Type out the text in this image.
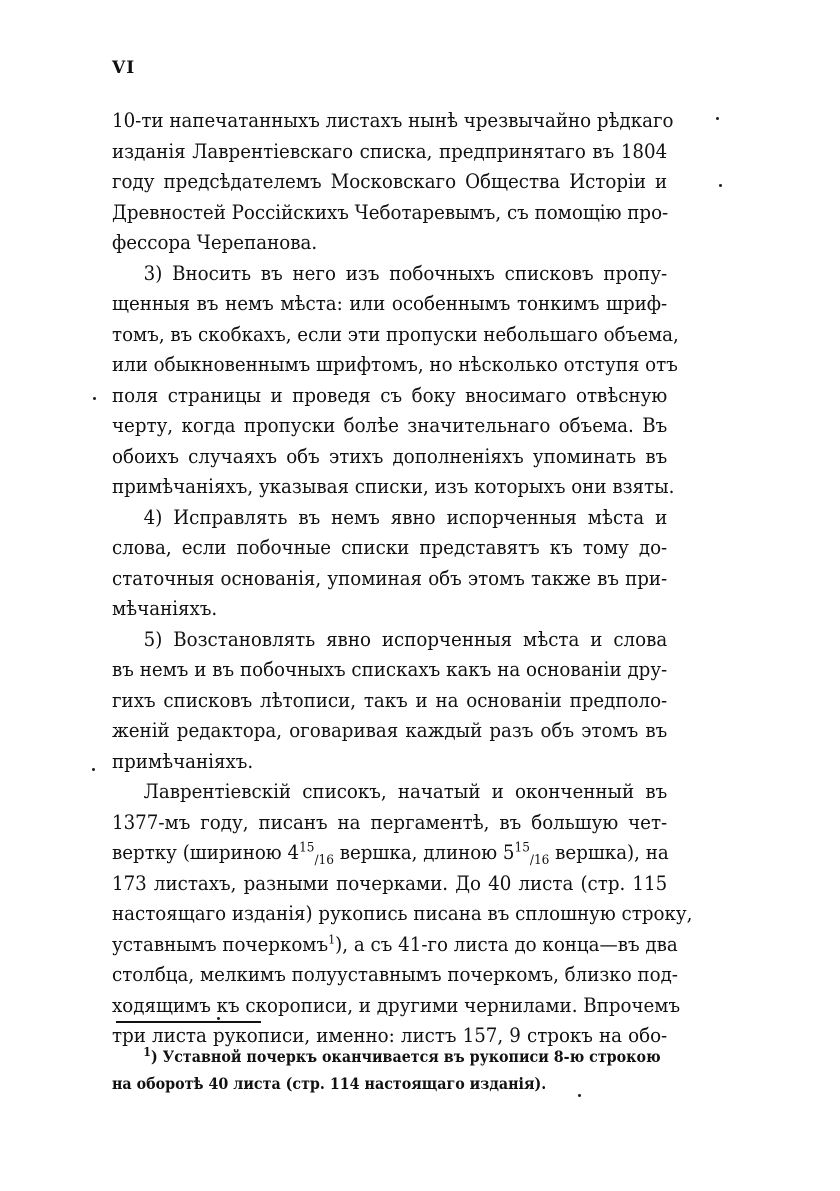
VI
10-ти напечатанныхъ листахъ нынѣ чрезвычайно рѣдкаго
изданія Лаврентіевскаго списка, предпринятаго въ 1804
году предсѣдателемъ Московскаго Общества Исторіи и
Древностей Россійскихъ Чеботаревымъ, съ помощію про-
фессора Черепанова.
3) Вносить въ него изъ побочныхъ списковъ пропу-
щенныя въ немъ мѣста: или особеннымъ тонкимъ шриф-
томъ, въ скобкахъ, если эти пропуски небольшаго объема,
или обыкновеннымъ шрифтомъ, но нѣсколько отступя отъ
поля страницы и проведя съ боку вносимаго отвѣсную
черту, когда пропуски болѣе значительнаго объема. Въ
обоихъ случаяхъ объ этихъ дополненіяхъ упоминать въ
примѣчаніяхъ, указывая списки, изъ которыхъ они взяты.
4) Исправлять въ немъ явно испорченныя мѣста и
слова, если побочные списки представятъ къ тому до-
статочныя основанія, упоминая объ этомъ также въ при-
мѣчаніяхъ.
5) Возстановлять явно испорченныя мѣста и слова
въ немъ и въ побочныхъ спискахъ какъ на основаніи дру-
гихъ списковъ лѣтописи, такъ и на основаніи предполо-
женій редактора, оговаривая каждый разъ объ этомъ въ
примѣчаніяхъ.
Лаврентіевскій списокъ, начатый и оконченный въ
1377-мъ году, писанъ на пергаментѣ, въ большую чет-
вертку (шириною $4^{15}_{/16}$ вершка, длиною $5^{15}_{/16}$ вершка), на
173 листахъ, разными почерками. До 40 листа (стр. 115
настоящаго изданія) рукопись писана въ сплошную строку,
уставнымъ почеркомъ$^1$), а съ 41-го листа до конца—въ два
столбца, мелкимъ полууставнымъ почеркомъ, близко под-
ходящимъ къ скорописи, и другими чернилами. Впрочемъ
три листа рукописи, именно: листъ 157, 9 строкъ на обо-
$^1$) Уставной почеркъ оканчивается въ рукописи 8-ю строкою
на оборотѣ 40 листа (стр. 114 настоящаго изданія).
